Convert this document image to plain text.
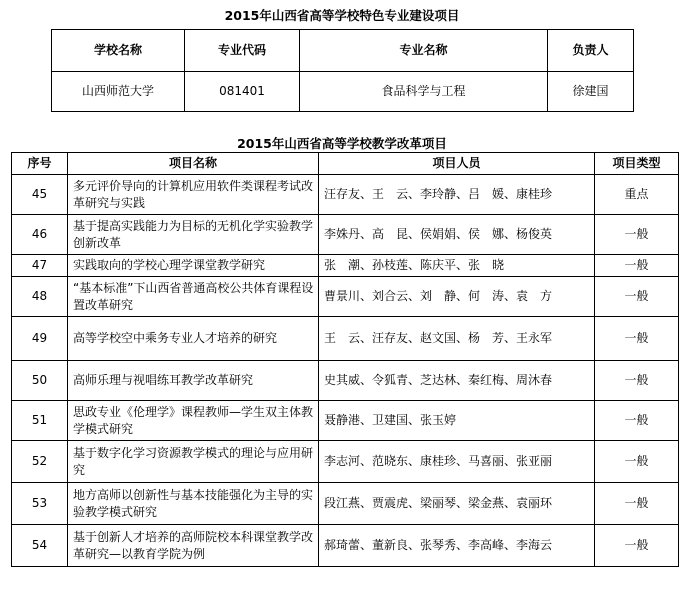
2015年山西省高等学校特色专业建设项目
学校名称	专业代码	专业名称	负责人
山西师范大学	081401	食品科学与工程	徐建国
2015年山西省高等学校教学改革项目
序号	项目名称	项目人员	项目类型
45	多元评价导向的计算机应用软件类课程考试改革研究与实践	汪存友、王　云、李玲静、吕　媛、康桂珍	重点
46	基于提高实践能力为目标的无机化学实验教学创新改革	李姝丹、高　昆、侯娟娟、侯　娜、杨俊英	一般
47	实践取向的学校心理学课堂教学研究	张　潮、孙枝莲、陈庆平、张　晓	一般
48	“基本标准”下山西省普通高校公共体育课程设置改革研究	曹景川、刘合云、刘　静、何　涛、袁　方	一般
49	高等学校空中乘务专业人才培养的研究	王　云、汪存友、赵文国、杨　芳、王永军	一般
50	高师乐理与视唱练耳教学改革研究	史其威、令狐青、芝达林、秦红梅、周沐春	一般
51	思政专业《伦理学》课程教师—学生双主体教学模式研究	聂静港、卫建国、张玉婷	一般
52	基于数字化学习资源教学模式的理论与应用研究	李志河、范晓东、康桂珍、马喜丽、张亚丽	一般
53	地方高师以创新性与基本技能强化为主导的实验教学模式研究	段江燕、贾震虎、梁丽琴、梁金燕、袁丽环	一般
54	基于创新人才培养的高师院校本科课堂教学改革研究—以教育学院为例	郝琦蕾、董新良、张琴秀、李高峰、李海云	一般
